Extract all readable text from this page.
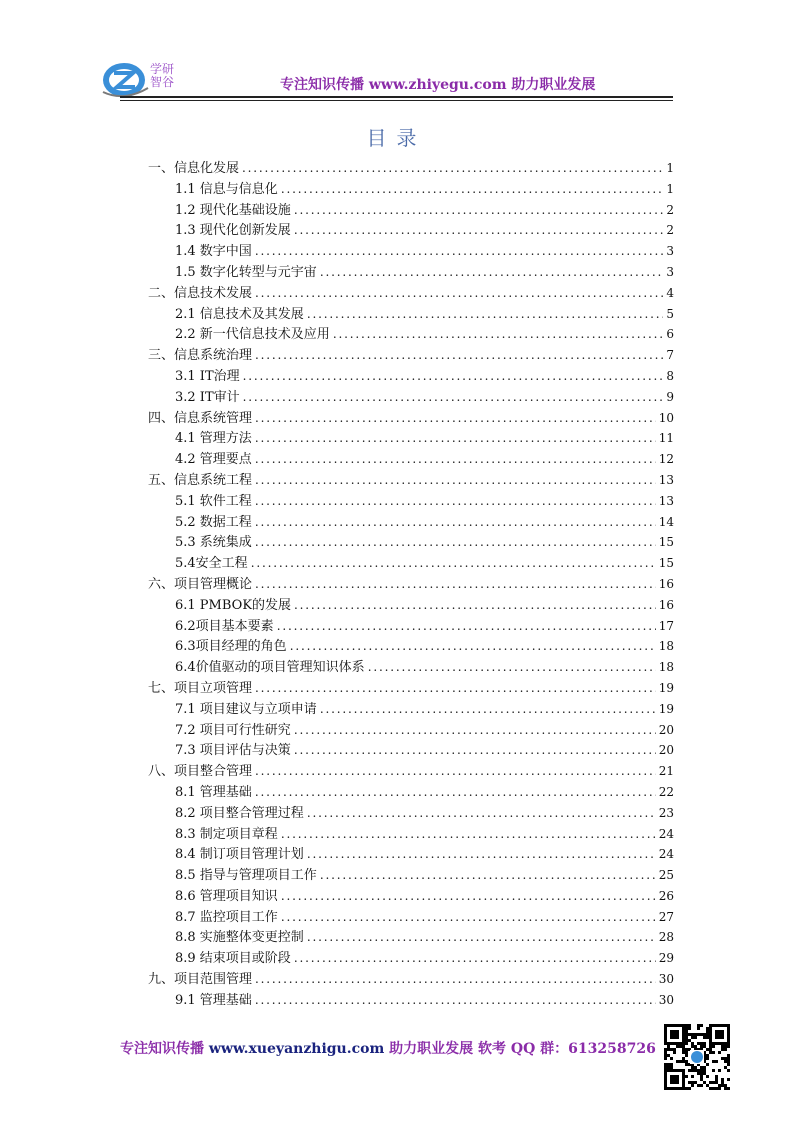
学研
智谷	专注知识传播 www.zhiyegu.com 助力职业发展
目录
一、信息化发展 . . .	1
1.1 信息与信息化 . . .	1
1.2 现代化基础设施 . . .	2
1.3 现代化创新发展 . . .	2
1.4 数字中国 . . .	3
1.5 数字化转型与元宇宙 . . .	3
二、信息技术发展 . . .	4
2.1 信息技术及其发展 . . .	5
2.2 新一代信息技术及应用 . . .	6
三、信息系统治理 . . .	7
3.1 IT治理 . . .	8
3.2 IT审计 . . .	9
四、信息系统管理 . . .	10
4.1 管理方法 . . .	11
4.2 管理要点 . . .	12
五、信息系统工程 . . .	13
5.1 软件工程 . . .	13
5.2 数据工程 . . .	14
5.3 系统集成 . . .	15
5.4安全工程 . . .	15
六、项目管理概论 . . .	16
6.1 PMBOK的发展 . . .	16
6.2项目基本要素 . . .	17
6.3项目经理的角色 . . .	18
6.4价值驱动的项目管理知识体系 . . .	18
七、项目立项管理 . . .	19
7.1 项目建议与立项申请 . . .	19
7.2 项目可行性研究 . . .	20
7.3 项目评估与决策 . . .	20
八、项目整合管理 . . .	21
8.1 管理基础 . . .	22
8.2 项目整合管理过程 . . .	23
8.3 制定项目章程 . . .	24
8.4 制订项目管理计划 . . .	24
8.5 指导与管理项目工作 . . .	25
8.6 管理项目知识 . . .	26
8.7 监控项目工作 . . .	27
8.8 实施整体变更控制 . . .	28
8.9 结束项目或阶段 . . .	29
九、项目范围管理 . . .	30
9.1 管理基础 . . .	30
专注知识传播 www.xueyanzhigu.com 助力职业发展 软考 QQ 群：613258726
